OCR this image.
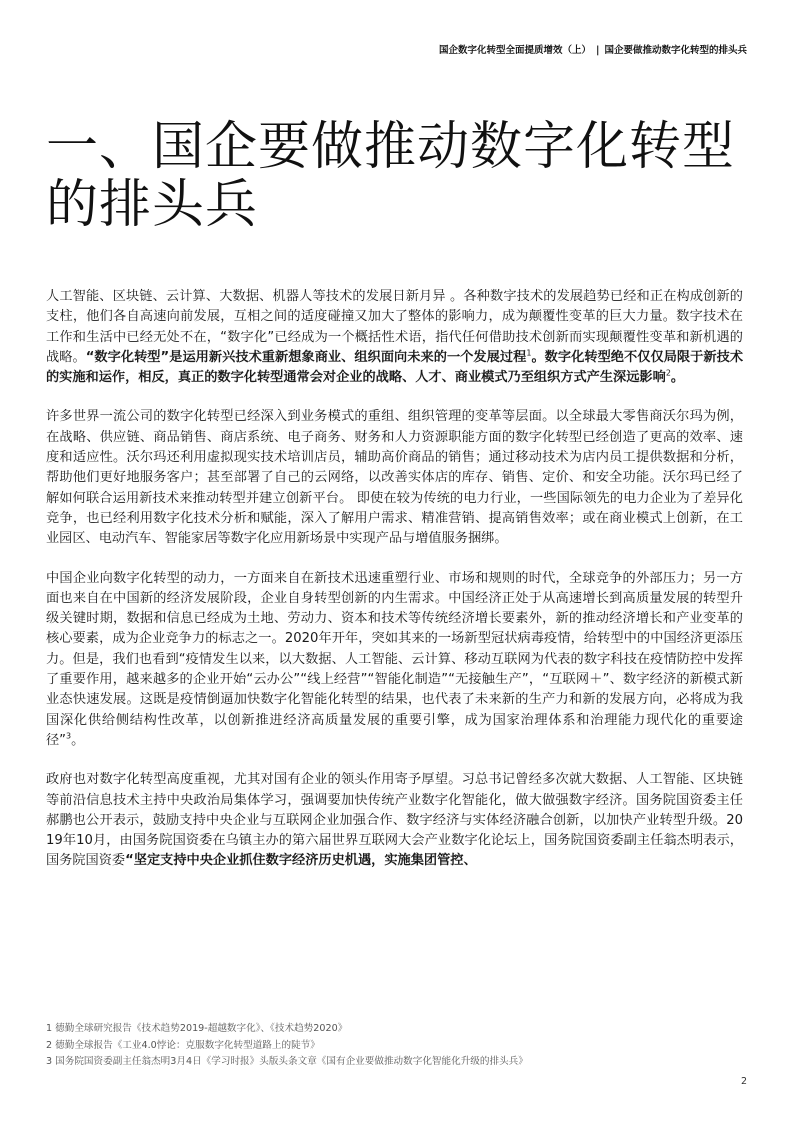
国企数字化转型全面提质增效（上） | 国企要做推动数字化转型的排头兵
一、国企要做推动数字化转型的排头兵

人工智能、区块链、云计算、大数据、机器人等技术的发展日新月异 。各种数字技术的发展趋势已经和正在构成创新的支柱，他们各自高速向前发展，互相之间的适度碰撞又加大了整体的影响力，成为颠覆性变革的巨大力量。数字技术在工作和生活中已经无处不在，“数字化”已经成为一个概括性术语，指代任何借助技术创新而实现颠覆性变革和新机遇的战略。“数字化转型”是运用新兴技术重新想象商业、组织面向未来的一个发展过程$^1$。数字化转型绝不仅仅局限于新技术的实施和运作，相反，真正的数字化转型通常会对企业的战略、人才、商业模式乃至组织方式产生深远影响$^2$。

许多世界一流公司的数字化转型已经深入到业务模式的重组、组织管理的变革等层面。以全球最大零售商沃尔玛为例，在战略、供应链、商品销售、商店系统、电子商务、财务和人力资源职能方面的数字化转型已经创造了更高的效率、速度和适应性。沃尔玛还利用虚拟现实技术培训店员，辅助高价商品的销售；通过移动技术为店内员工提供数据和分析，帮助他们更好地服务客户；甚至部署了自己的云网络，以改善实体店的库存、销售、定价、和安全功能。沃尔玛已经了解如何联合运用新技术来推动转型并建立创新平台。 即使在较为传统的电力行业，一些国际领先的电力企业为了差异化竞争，也已经利用数字化技术分析和赋能，深入了解用户需求、精准营销、提高销售效率；或在商业模式上创新，在工业园区、电动汽车、智能家居等数字化应用新场景中实现产品与增值服务捆绑。

中国企业向数字化转型的动力，一方面来自在新技术迅速重塑行业、市场和规则的时代，全球竞争的外部压力；另一方面也来自在中国新的经济发展阶段，企业自身转型创新的内生需求。中国经济正处于从高速增长到高质量发展的转型升级关键时期，数据和信息已经成为土地、劳动力、资本和技术等传统经济增长要素外，新的推动经济增长和产业变革的核心要素，成为企业竞争力的标志之一。2020年开年，突如其来的一场新型冠状病毒疫情，给转型中的中国经济更添压力。但是，我们也看到“疫情发生以来，以大数据、人工智能、云计算、移动互联网为代表的数字科技在疫情防控中发挥了重要作用，越来越多的企业开始“云办公”“线上经营”“智能化制造”“无接触生产”，“互联网＋”、数字经济的新模式新业态快速发展。这既是疫情倒逼加快数字化智能化转型的结果，也代表了未来新的生产力和新的发展方向，必将成为我国深化供给侧结构性改革，以创新推进经济高质量发展的重要引擎，成为国家治理体系和治理能力现代化的重要途径”$^3$。

政府也对数字化转型高度重视，尤其对国有企业的领头作用寄予厚望。习总书记曾经多次就大数据、人工智能、区块链等前沿信息技术主持中央政治局集体学习，强调要加快传统产业数字化智能化，做大做强数字经济。国务院国资委主任郝鹏也公开表示，鼓励支持中央企业与互联网企业加强合作、数字经济与实体经济融合创新，以加快产业转型升级。2019年10月，由国务院国资委在乌镇主办的第六届世界互联网大会产业数字化论坛上，国务院国资委副主任翁杰明表示，国务院国资委“坚定支持中央企业抓住数字经济历史机遇，实施集团管控、

1 德勤全球研究报告《技术趋势2019-超越数字化》、《技术趋势2020》
2 德勤全球报告《工业4.0悖论：克服数字化转型道路上的陡节》
3 国务院国资委副主任翁杰明3月4日《学习时报》头版头条文章《国有企业要做推动数字化智能化升级的排头兵》
2
